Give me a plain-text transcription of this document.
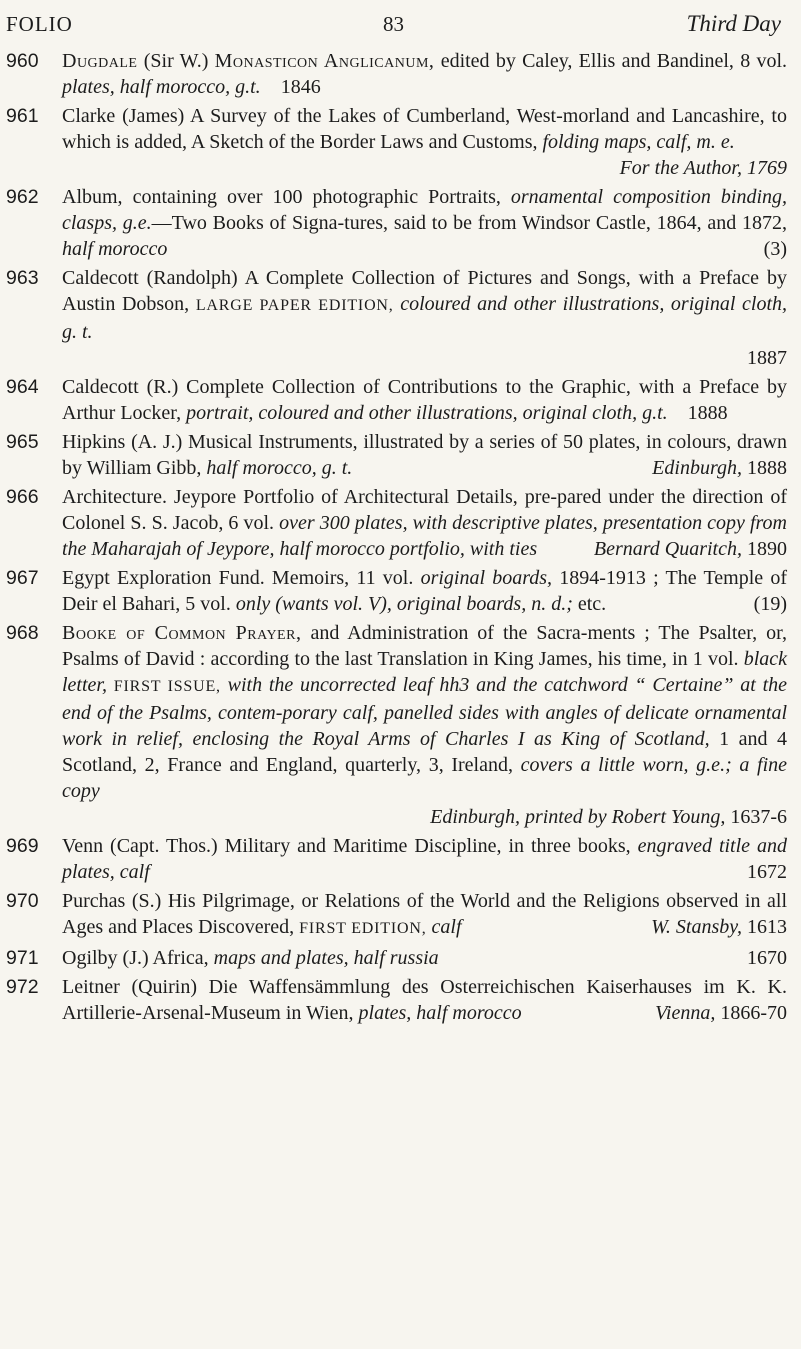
FOLIO	83	Third Day
960 Dugdale (Sir W.) Monasticon Anglicanum, edited by Caley, Ellis and Bandinel, 8 vol. plates, half morocco, g.t. 1846

961 Clarke (James) A Survey of the Lakes of Cumberland, West-morland and Lancashire, to which is added, A Sketch of the Border Laws and Customs, folding maps, calf, m. e.
For the Author, 1769

962 Album, containing over 100 photographic Portraits, ornamental composition binding, clasps, g.e.—Two Books of Signa-tures, said to be from Windsor Castle, 1864, and 1872, half morocco	(3)

963 Caldecott (Randolph) A Complete Collection of Pictures and Songs, with a Preface by Austin Dobson, LARGE PAPER EDITION, coloured and other illustrations, original cloth, g. t.
1887

964 Caldecott (R.) Complete Collection of Contributions to the Graphic, with a Preface by Arthur Locker, portrait, coloured and other illustrations, original cloth, g.t. 1888

965 Hipkins (A. J.) Musical Instruments, illustrated by a series of 50 plates, in colours, drawn by William Gibb, half morocco, g. t.	Edinburgh, 1888

966 Architecture. Jeypore Portfolio of Architectural Details, pre-pared under the direction of Colonel S. S. Jacob, 6 vol. over 300 plates, with descriptive plates, presentation copy from the Maharajah of Jeypore, half morocco portfolio, with ties	Bernard Quaritch, 1890

967 Egypt Exploration Fund. Memoirs, 11 vol. original boards, 1894-1913 ; The Temple of Deir el Bahari, 5 vol. only (wants vol. V), original boards, n. d.; etc.	(19)

968 Booke of Common Prayer, and Administration of the Sacra-ments ; The Psalter, or, Psalms of David : according to the last Translation in King James, his time, in 1 vol. black letter, FIRST ISSUE, with the uncorrected leaf hh3 and the catchword “ Certaine” at the end of the Psalms, contem-porary calf, panelled sides with angles of delicate ornamental work in relief, enclosing the Royal Arms of Charles I as King of Scotland, 1 and 4 Scotland, 2, France and England, quarterly, 3, Ireland, covers a little worn, g.e.; a fine copy
Edinburgh, printed by Robert Young, 1637-6

969 Venn (Capt. Thos.) Military and Maritime Discipline, in three books, engraved title and plates, calf	1672

970 Purchas (S.) His Pilgrimage, or Relations of the World and the Religions observed in all Ages and Places Discovered, FIRST EDITION, calf	W. Stansby, 1613

971 Ogilby (J.) Africa, maps and plates, half russia	1670

972 Leitner (Quirin) Die Waffensämmlung des Osterreichischen Kaiserhauses im K. K. Artillerie-Arsenal-Museum in Wien, plates, half morocco	Vienna, 1866-70
